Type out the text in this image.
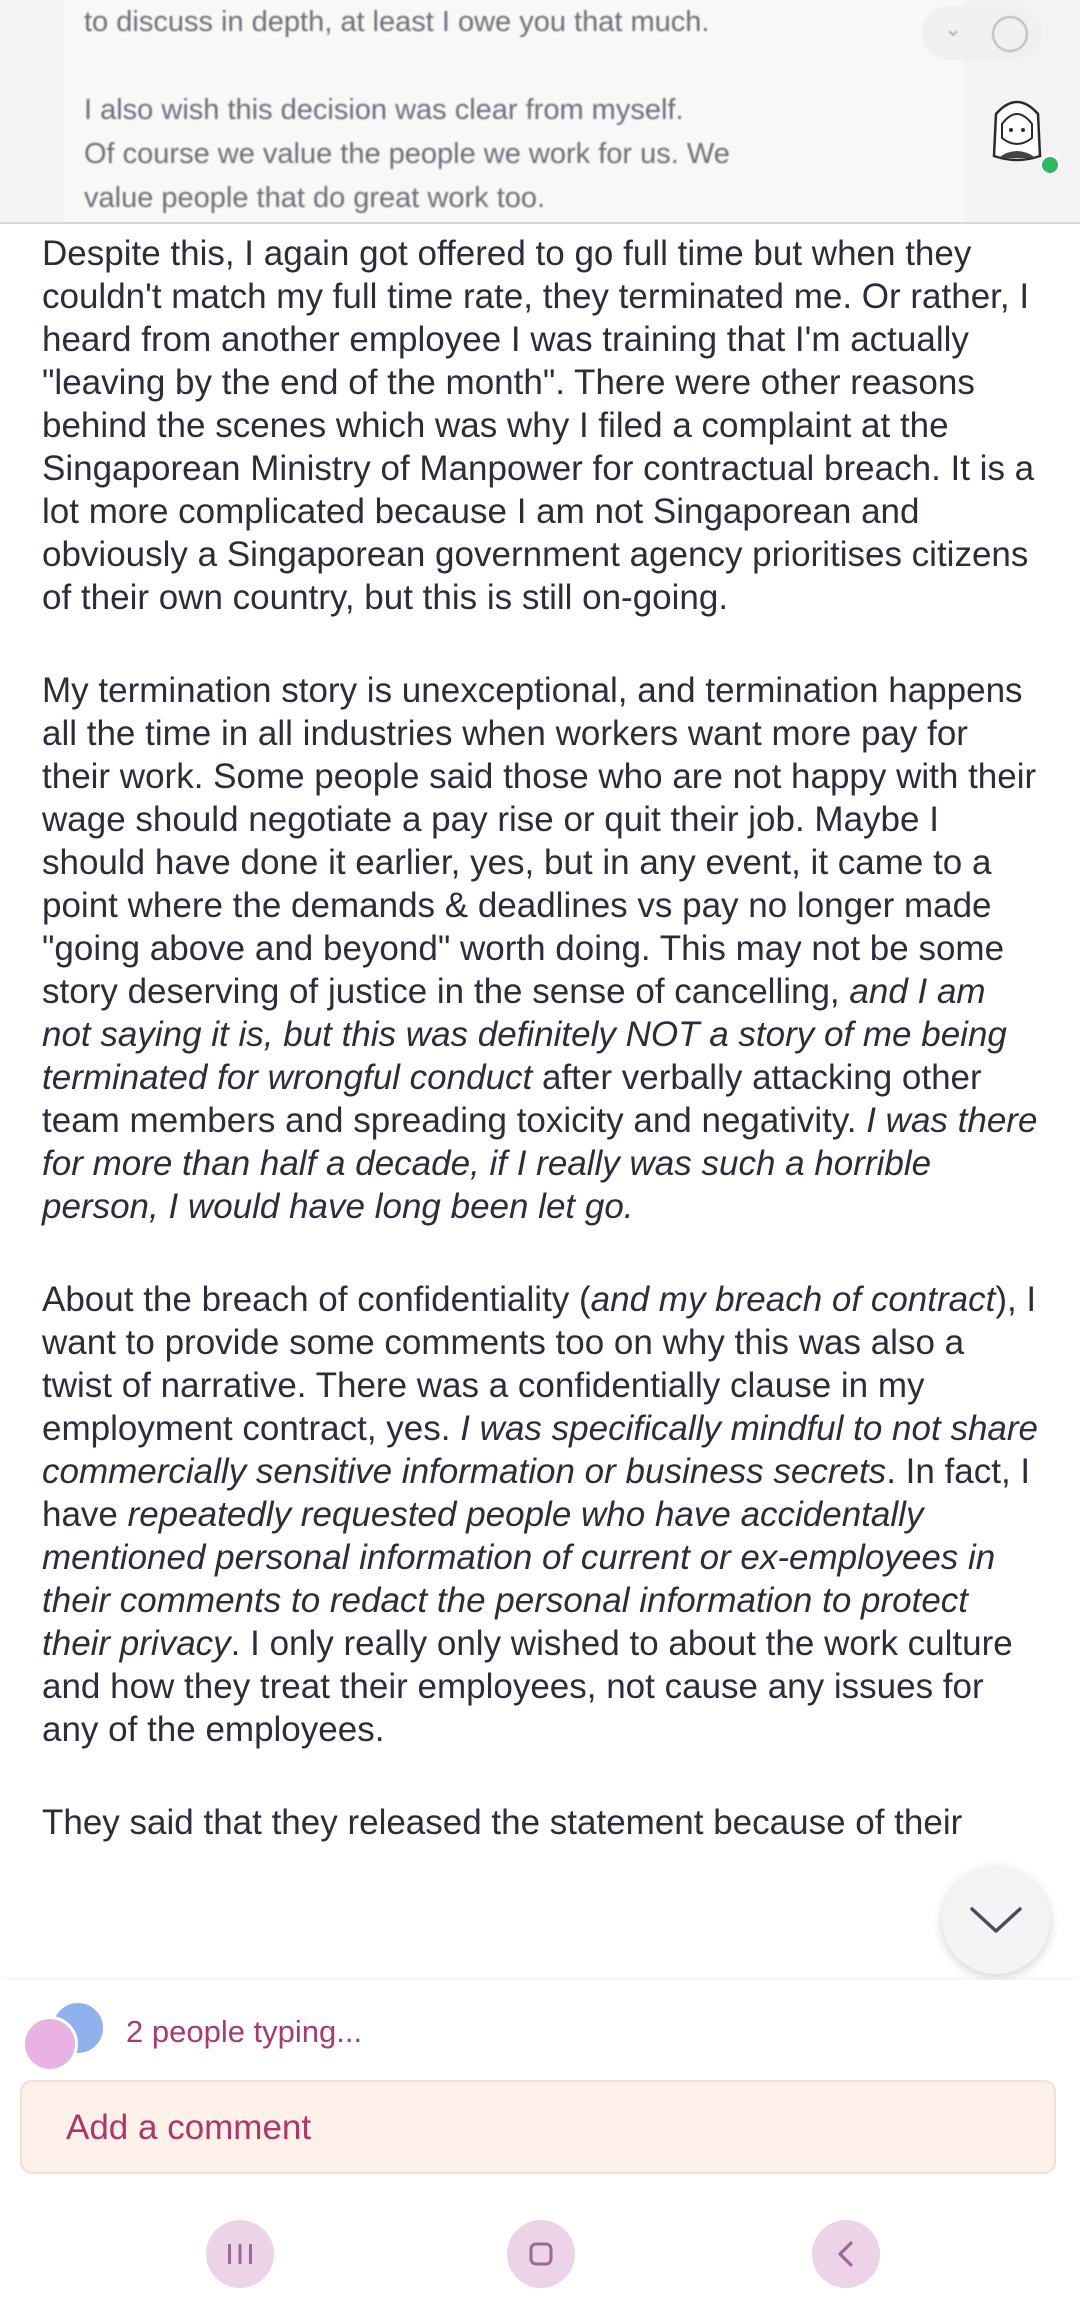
to discuss in depth, at least I owe you that much.

I also wish this decision was clear from myself.

Of course we value the people we work for us. We

value people that do great work too.

⌄

Despite this, I again got offered to go full time but when they couldn't match my full time rate, they terminated me. Or rather, I heard from another employee I was training that I'm actually "leaving by the end of the month". There were other reasons behind the scenes which was why I filed a complaint at the Singaporean Ministry of Manpower for contractual breach. It is a lot more complicated because I am not Singaporean and obviously a Singaporean government agency prioritises citizens of their own country, but this is still on-going.

My termination story is unexceptional, and termination happens all the time in all industries when workers want more pay for their work. Some people said those who are not happy with their wage should negotiate a pay rise or quit their job. Maybe I should have done it earlier, yes, but in any event, it came to a point where the demands & deadlines vs pay no longer made "going above and beyond" worth doing. This may not be some story deserving of justice in the sense of cancelling, and I am not saying it is, but this was definitely NOT a story of me being terminated for wrongful conduct after verbally attacking other team members and spreading toxicity and negativity. I was there for more than half a decade, if I really was such a horrible person, I would have long been let go.

About the breach of confidentiality (and my breach of contract), I want to provide some comments too on why this was also a twist of narrative. There was a confidentially clause in my employment contract, yes. I was specifically mindful to not share commercially sensitive information or business secrets. In fact, I have repeatedly requested people who have accidentally mentioned personal information of current or ex-employees in their comments to redact the personal information to protect their privacy. I only really only wished to about the work culture and how they treat their employees, not cause any issues for any of the employees.

They said that they released the statement because of their

2 people typing...
Add a comment
